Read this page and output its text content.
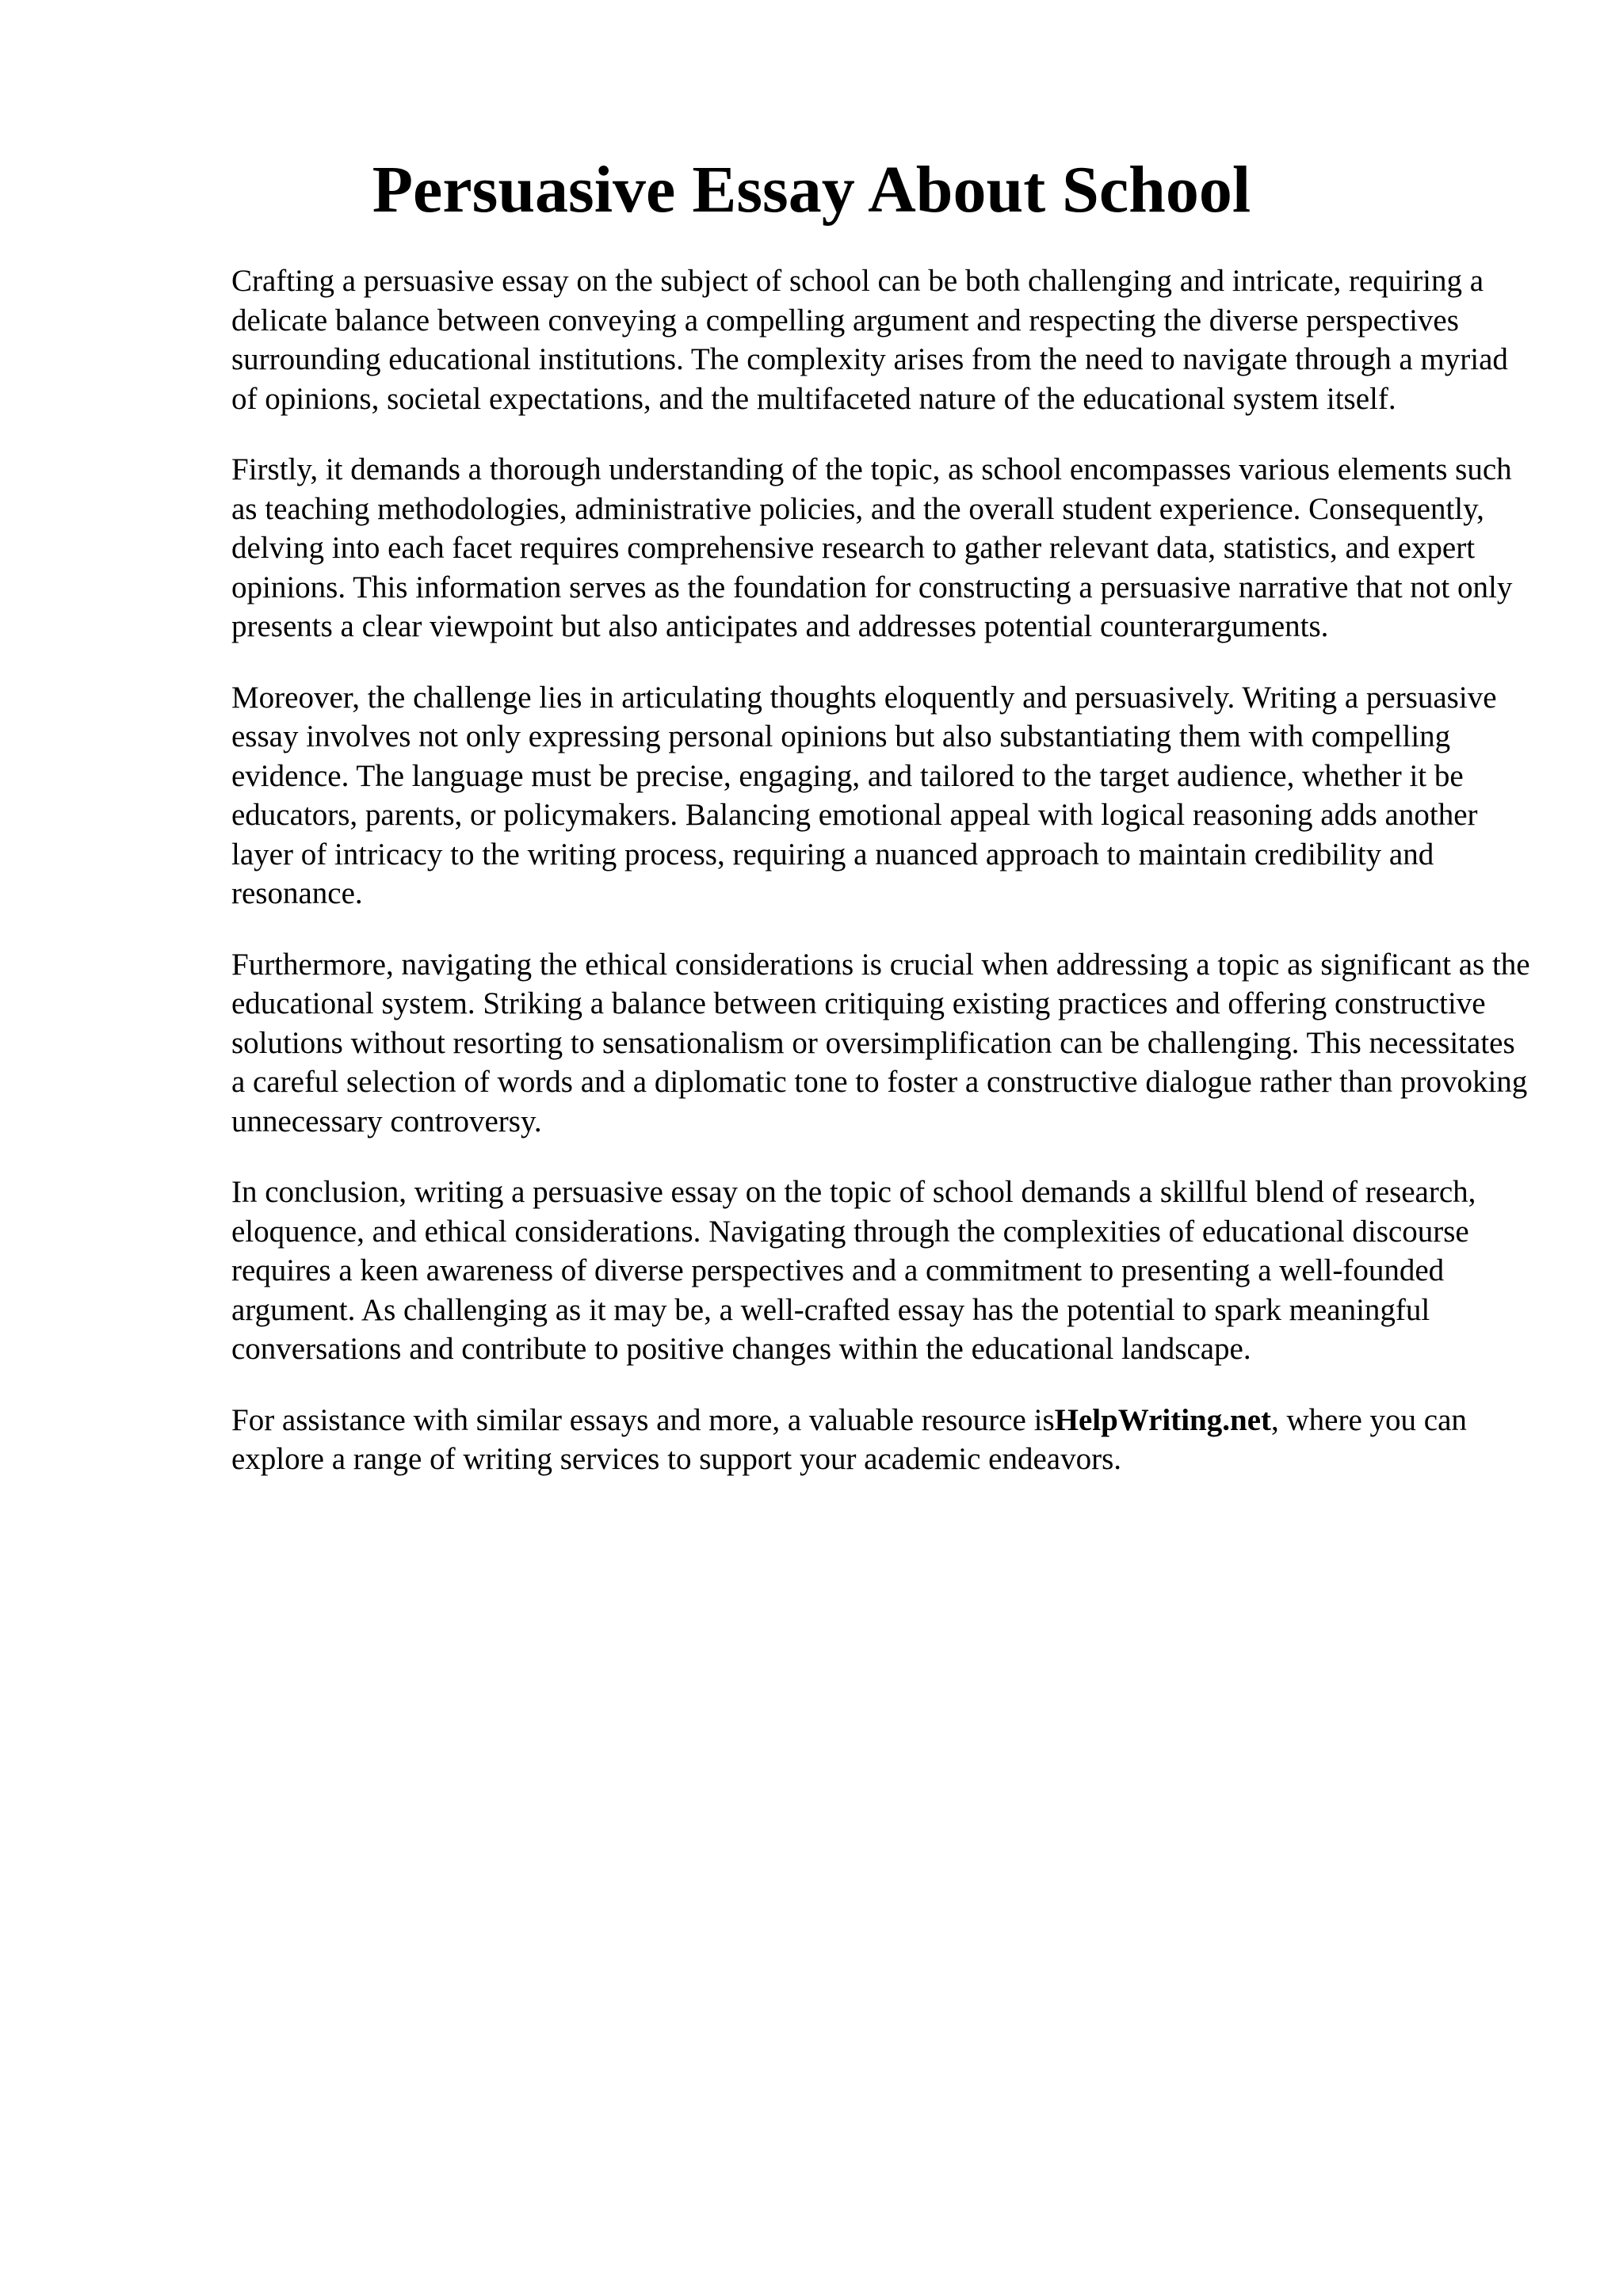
Persuasive Essay About School

Crafting a persuasive essay on the subject of school can be both challenging and intricate, requiring a delicate balance between conveying a compelling argument and respecting the diverse perspectives surrounding educational institutions. The complexity arises from the need to navigate through a myriad of opinions, societal expectations, and the multifaceted nature of the educational system itself.

Firstly, it demands a thorough understanding of the topic, as school encompasses various elements such as teaching methodologies, administrative policies, and the overall student experience. Consequently, delving into each facet requires comprehensive research to gather relevant data, statistics, and expert opinions. This information serves as the foundation for constructing a persuasive narrative that not only presents a clear viewpoint but also anticipates and addresses potential counterarguments.

Moreover, the challenge lies in articulating thoughts eloquently and persuasively. Writing a persuasive essay involves not only expressing personal opinions but also substantiating them with compelling evidence. The language must be precise, engaging, and tailored to the target audience, whether it be educators, parents, or policymakers. Balancing emotional appeal with logical reasoning adds another layer of intricacy to the writing process, requiring a nuanced approach to maintain credibility and resonance.

Furthermore, navigating the ethical considerations is crucial when addressing a topic as significant as the educational system. Striking a balance between critiquing existing practices and offering constructive solutions without resorting to sensationalism or oversimplification can be challenging. This necessitates a careful selection of words and a diplomatic tone to foster a constructive dialogue rather than provoking unnecessary controversy.

In conclusion, writing a persuasive essay on the topic of school demands a skillful blend of research, eloquence, and ethical considerations. Navigating through the complexities of educational discourse requires a keen awareness of diverse perspectives and a commitment to presenting a well-founded argument. As challenging as it may be, a well-crafted essay has the potential to spark meaningful conversations and contribute to positive changes within the educational landscape.

For assistance with similar essays and more, a valuable resource isHelpWriting.net, where you can explore a range of writing services to support your academic endeavors.
